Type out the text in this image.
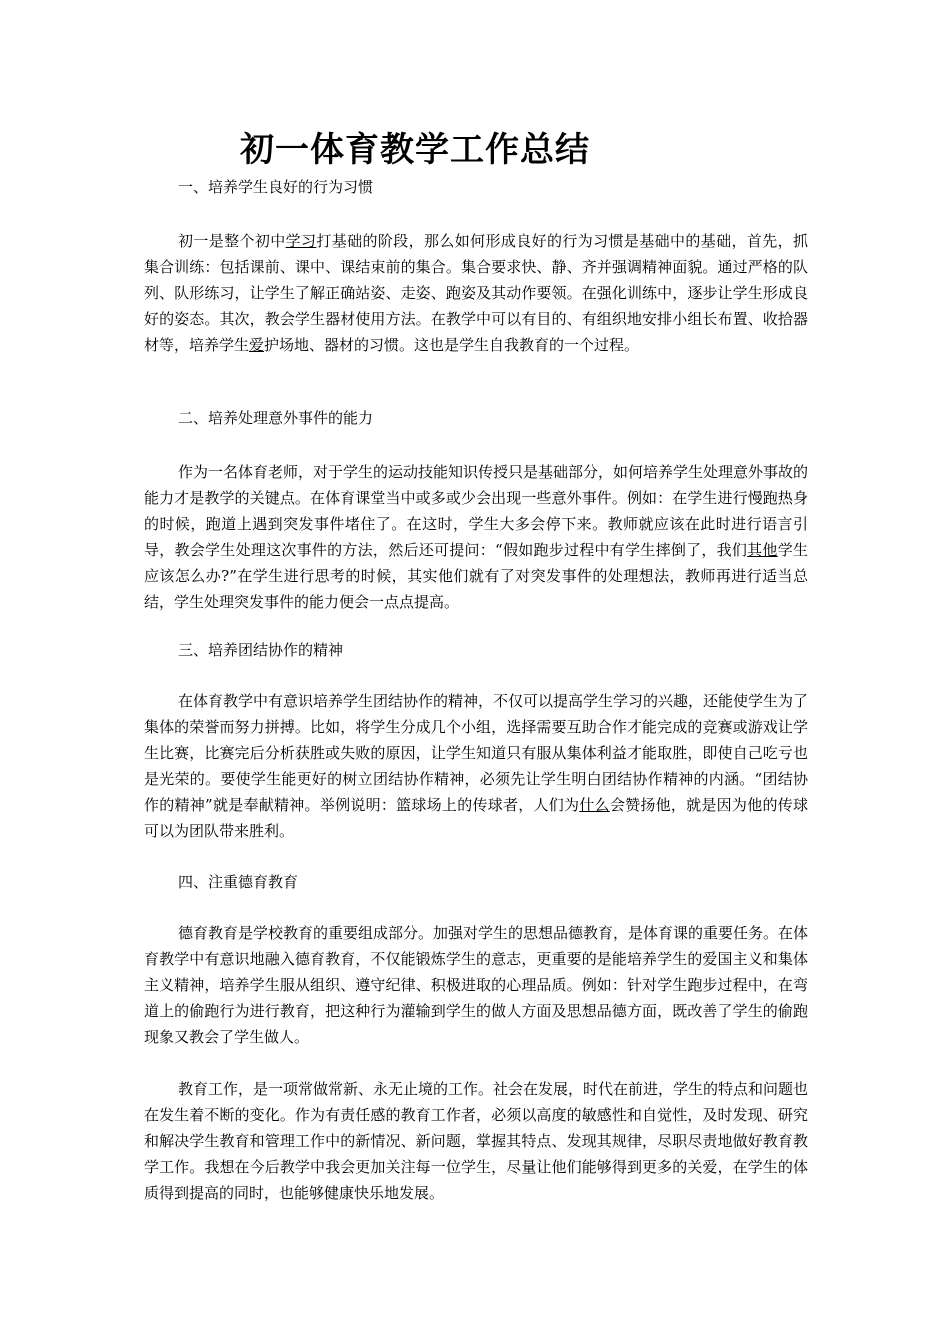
初一体育教学工作总结

一、培养学生良好的行为习惯

初一是整个初中学习打基础的阶段，那么如何形成良好的行为习惯是基础中的基础，首先，抓集合训练：包括课前、课中、课结束前的集合。集合要求快、静、齐并强调精神面貌。通过严格的队列、队形练习，让学生了解正确站姿、走姿、跑姿及其动作要领。在强化训练中，逐步让学生形成良好的姿态。其次，教会学生器材使用方法。在教学中可以有目的、有组织地安排小组长布置、收拾器材等，培养学生爱护场地、器材的习惯。这也是学生自我教育的一个过程。

二、培养处理意外事件的能力

作为一名体育老师，对于学生的运动技能知识传授只是基础部分，如何培养学生处理意外事故的能力才是教学的关键点。在体育课堂当中或多或少会出现一些意外事件。例如：在学生进行慢跑热身的时候，跑道上遇到突发事件堵住了。在这时，学生大多会停下来。教师就应该在此时进行语言引导，教会学生处理这次事件的方法，然后还可提问：“假如跑步过程中有学生摔倒了，我们其他学生应该怎么办?”在学生进行思考的时候，其实他们就有了对突发事件的处理想法，教师再进行适当总结，学生处理突发事件的能力便会一点点提高。

三、培养团结协作的精神

在体育教学中有意识培养学生团结协作的精神，不仅可以提高学生学习的兴趣，还能使学生为了集体的荣誉而努力拼搏。比如，将学生分成几个小组，选择需要互助合作才能完成的竞赛或游戏让学生比赛，比赛完后分析获胜或失败的原因，让学生知道只有服从集体利益才能取胜，即使自己吃亏也是光荣的。要使学生能更好的树立团结协作精神，必须先让学生明白团结协作精神的内涵。“团结协作的精神”就是奉献精神。举例说明：篮球场上的传球者，人们为什么会赞扬他，就是因为他的传球可以为团队带来胜利。

四、注重德育教育

德育教育是学校教育的重要组成部分。加强对学生的思想品德教育，是体育课的重要任务。在体育教学中有意识地融入德育教育，不仅能锻炼学生的意志，更重要的是能培养学生的爱国主义和集体主义精神，培养学生服从组织、遵守纪律、积极进取的心理品质。例如：针对学生跑步过程中，在弯道上的偷跑行为进行教育，把这种行为灌输到学生的做人方面及思想品德方面，既改善了学生的偷跑现象又教会了学生做人。

教育工作，是一项常做常新、永无止境的工作。社会在发展，时代在前进，学生的特点和问题也在发生着不断的变化。作为有责任感的教育工作者，必须以高度的敏感性和自觉性，及时发现、研究和解决学生教育和管理工作中的新情况、新问题，掌握其特点、发现其规律，尽职尽责地做好教育教学工作。我想在今后教学中我会更加关注每一位学生，尽量让他们能够得到更多的关爱，在学生的体质得到提高的同时，也能够健康快乐地发展。
